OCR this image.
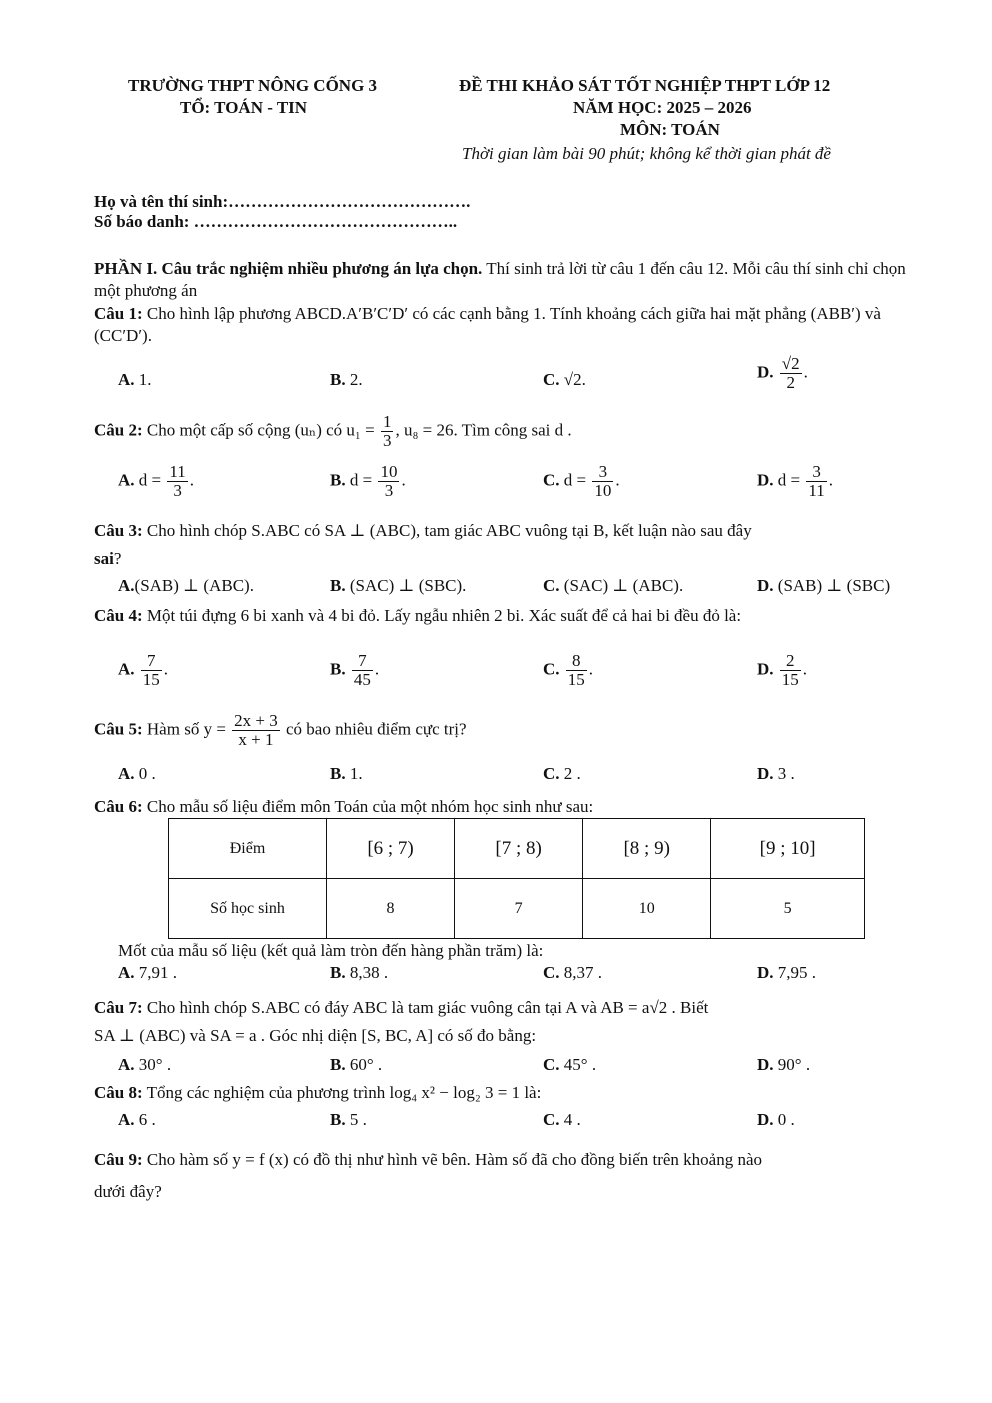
TRƯỜNG THPT NÔNG CỐNG 3
TỔ: TOÁN - TIN
ĐỀ THI KHẢO SÁT TỐT NGHIỆP THPT LỚP 12
NĂM HỌC: 2025 – 2026
MÔN: TOÁN
Thời gian làm bài 90 phút; không kể thời gian phát đề
Họ và tên thí sinh:…………………………………….
Số báo danh: ………………………………………..
PHẦN I. Câu trắc nghiệm nhiều phương án lựa chọn. Thí sinh trả lời từ câu 1 đến câu 12. Mỗi câu thí sinh chỉ chọn một phương án
Câu 1: Cho hình lập phương ABCD.A′B′C′D′ có các cạnh bằng 1. Tính khoảng cách giữa hai mặt phẳng (ABB′) và (CC′D′).
A. 1.	B. 2.	C. √2.	D. $\frac{√2}{2}$ .
Câu 2: Cho một cấp số cộng (uₙ) có $u_1 = \frac{1}{3}$ , u₈ = 26. Tìm công sai d .
A. $d = \frac{11}{3}$ .	B. $d = \frac{10}{3}$ .	C. $d = \frac{3}{10}$ .	D. $d = \frac{3}{11}$ .
Câu 3: Cho hình chóp S.ABC có SA ⊥ (ABC), tam giác ABC vuông tại B, kết luận nào sau đây
sai?
A.(SAB) ⊥ (ABC).	B. (SAC) ⊥ (SBC).	C. (SAC) ⊥ (ABC).	D. (SAB) ⊥ (SBC)
Câu 4: Một túi đựng 6 bi xanh và 4 bi đỏ. Lấy ngẫu nhiên 2 bi. Xác suất để cả hai bi đều đỏ là:
A. $\frac{7}{15}$ .	B. $\frac{7}{45}$ .	C. $\frac{8}{15}$ .	D. $\frac{2}{15}$ .
Câu 5: Hàm số $y = \frac{2x + 3}{x + 1}$ có bao nhiêu điểm cực trị?
A. 0 .	B. 1.	C. 2 .	D. 3 .
Câu 6: Cho mẫu số liệu điểm môn Toán của một nhóm học sinh như sau:
Điểm	[6 ; 7)	[7 ; 8)	[8 ; 9)	[9 ; 10]
Số học sinh	8	7	10	5
Mốt của mẫu số liệu (kết quả làm tròn đến hàng phần trăm) là:
A. 7,91 .	B. 8,38 .	C. 8,37 .	D. 7,95 .
Câu 7: Cho hình chóp S.ABC có đáy ABC là tam giác vuông cân tại A và AB = a√2 . Biết
SA ⊥ (ABC) và SA = a . Góc nhị diện [S, BC, A] có số đo bằng:
A. 30° .	B. 60° .	C. 45° .	D. 90° .
Câu 8: Tổng các nghiệm của phương trình log₄ x² − log₂ 3 = 1 là:
A. 6 .	B. 5 .	C. 4 .	D. 0 .
Câu 9: Cho hàm số y = f (x) có đồ thị như hình vẽ bên. Hàm số đã cho đồng biến trên khoảng nào
dưới đây?
